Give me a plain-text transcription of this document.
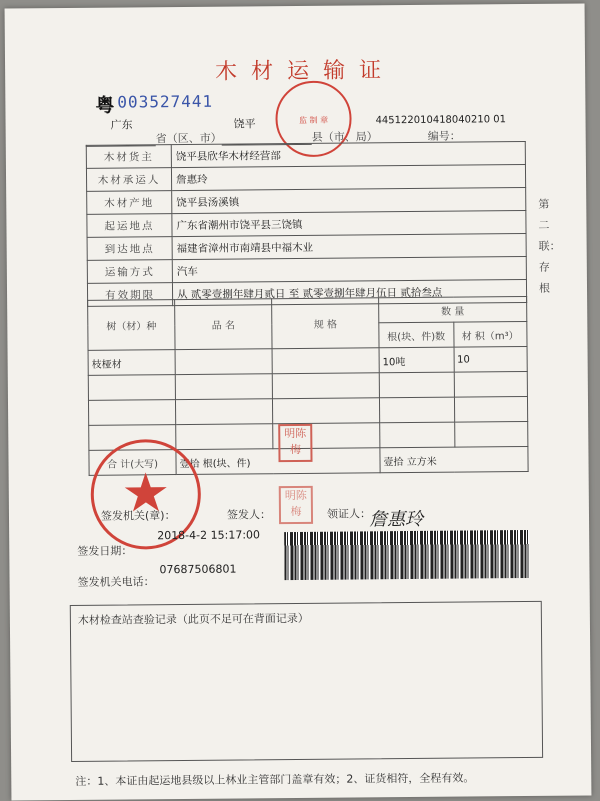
木材运输证
监 制 章
粤 003527441
广东	饶平	445122010418040210 01
省（区、市）	县（市、局）	编号：
木材货主	饶平县欣华木材经营部
木材承运人	詹惠玲
木材产地	饶平县汤溪镇
起运地点	广东省潮州市饶平县三饶镇
到达地点	福建省漳州市南靖县中福木业
运输方式	汽车
有效期限	从 贰零壹捌年肆月贰日 至 贰零壹捌年肆月伍日 贰拾叁点
树（材）种	品 名	规 格	数 量	
			根(块、件)数	材 积（m³）
枝桠材			10吨	10

合 计(大写)	壹拾 根(块、件)		壹拾 立方米	
第二联：存根
明 陈
梅
明 陈
梅
签发机关(章)：	签发人：	领证人：
詹惠玲
签发日期：
2018-4-2 15:17:00
签发机关电话：
07687506801
木材检查站查验记录（此页不足可在背面记录）
注：1、本证由起运地县级以上林业主管部门盖章有效；2、证货相符，全程有效。
